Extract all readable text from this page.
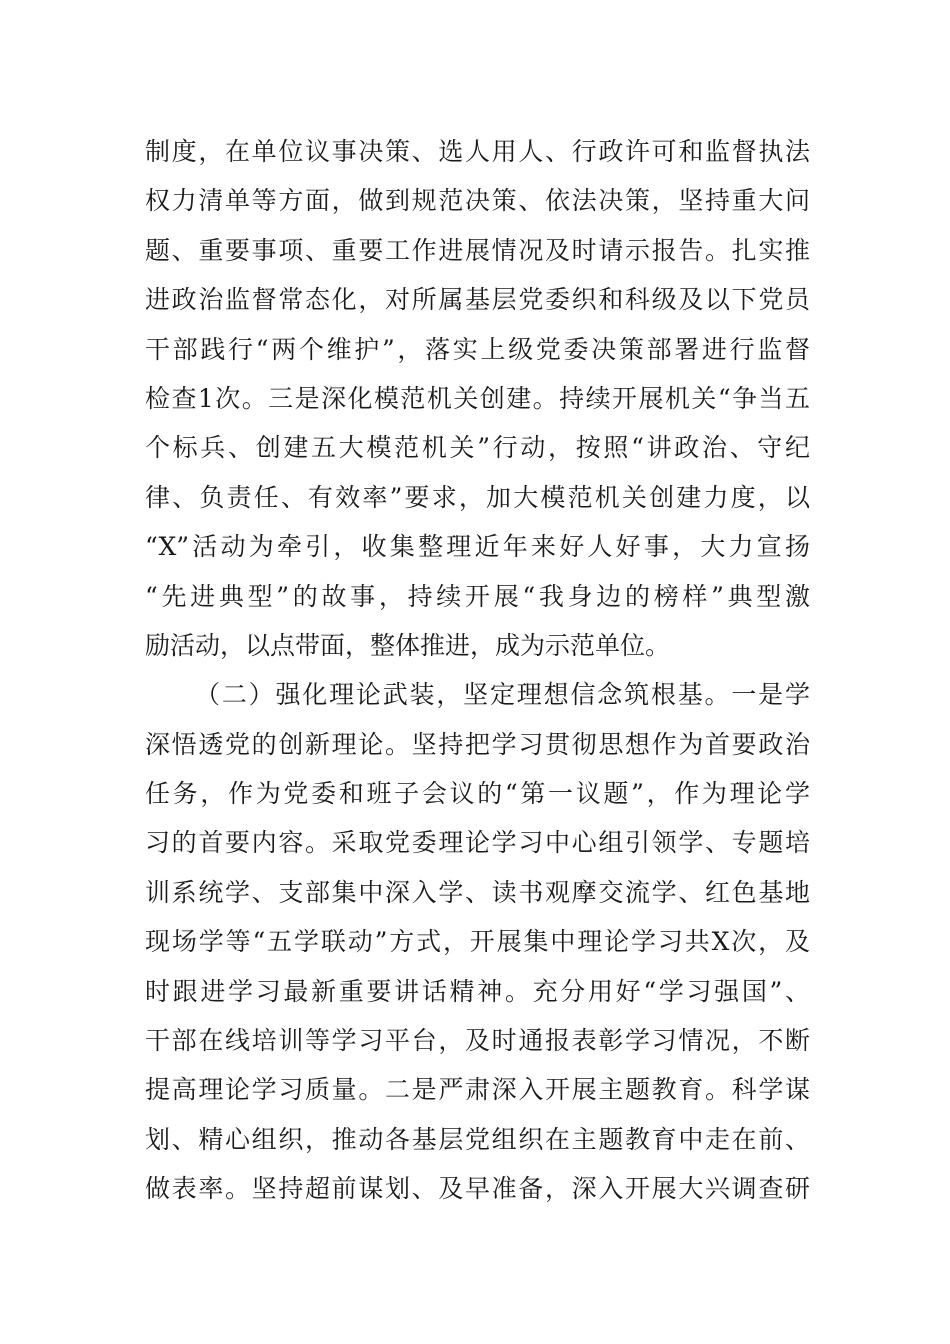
制度，在单位议事决策、选人用人、行政许可和监督执法
权力清单等方面，做到规范决策、依法决策，坚持重大问
题、重要事项、重要工作进展情况及时请示报告。扎实推
进政治监督常态化，对所属基层党委织和科级及以下党员
干部践行“两个维护”，落实上级党委决策部署进行监督
检查1次。三是深化模范机关创建。持续开展机关“争当五
个标兵、创建五大模范机关”行动，按照“讲政治、守纪
律、负责任、有效率”要求，加大模范机关创建力度，以
“X”活动为牵引，收集整理近年来好人好事，大力宣扬
“先进典型”的故事，持续开展“我身边的榜样”典型激
励活动，以点带面，整体推进，成为示范单位。
（二）强化理论武装，坚定理想信念筑根基。一是学
深悟透党的创新理论。坚持把学习贯彻思想作为首要政治
任务，作为党委和班子会议的“第一议题”，作为理论学
习的首要内容。采取党委理论学习中心组引领学、专题培
训系统学、支部集中深入学、读书观摩交流学、红色基地
现场学等“五学联动”方式，开展集中理论学习共X次，及
时跟进学习最新重要讲话精神。充分用好“学习强国”、
干部在线培训等学习平台，及时通报表彰学习情况，不断
提高理论学习质量。二是严肃深入开展主题教育。科学谋
划、精心组织，推动各基层党组织在主题教育中走在前、
做表率。坚持超前谋划、及早准备，深入开展大兴调查研
